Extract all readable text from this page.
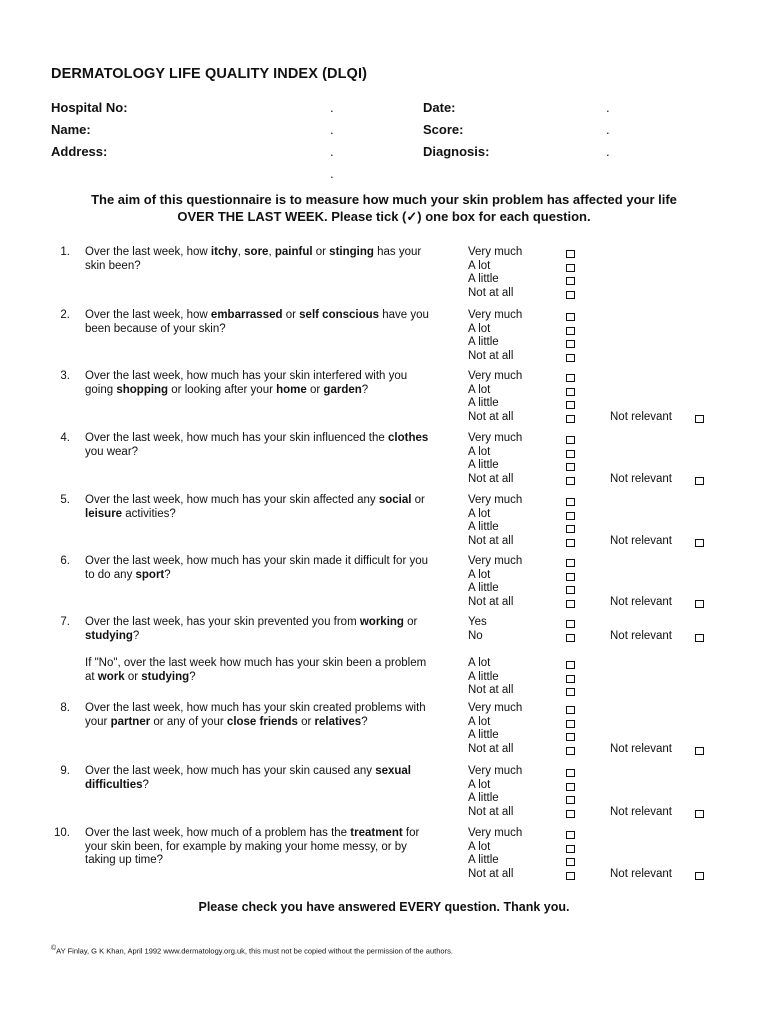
DERMATOLOGY LIFE QUALITY INDEX (DLQI)
Hospital No:	.	Date:	.
Name:	.	Score:	.
Address:	.	Diagnosis:	.
.
The aim of this questionnaire is to measure how much your skin problem has affected your life
OVER THE LAST WEEK. Please tick (✓) one box for each question.
1. Over the last week, how itchy, sore, painful or stinging has your skin been?
Very much
A lot
A little
Not at all
2. Over the last week, how embarrassed or self conscious have you been because of your skin?
Very much
A lot
A little
Not at all
3. Over the last week, how much has your skin interfered with you going shopping or looking after your home or garden?
Very much
A lot
A little
Not at all	Not relevant
4. Over the last week, how much has your skin influenced the clothes you wear?
Very much
A lot
A little
Not at all	Not relevant
5. Over the last week, how much has your skin affected any social or leisure activities?
Very much
A lot
A little
Not at all	Not relevant
6. Over the last week, how much has your skin made it difficult for you to do any sport?
Very much
A lot
A little
Not at all	Not relevant
7. Over the last week, has your skin prevented you from working or studying?
Yes
No	Not relevant
If "No", over the last week how much has your skin been a problem at work or studying?
A lot
A little
Not at all
8. Over the last week, how much has your skin created problems with your partner or any of your close friends or relatives?
Very much
A lot
A little
Not at all	Not relevant
9. Over the last week, how much has your skin caused any sexual difficulties?
Very much
A lot
A little
Not at all	Not relevant
10. Over the last week, how much of a problem has the treatment for your skin been, for example by making your home messy, or by taking up time?
Very much
A lot
A little
Not at all	Not relevant
Please check you have answered EVERY question. Thank you.
©AY Finlay, G K Khan, April 1992 www.dermatology.org.uk, this must not be copied without the permission of the authors.
